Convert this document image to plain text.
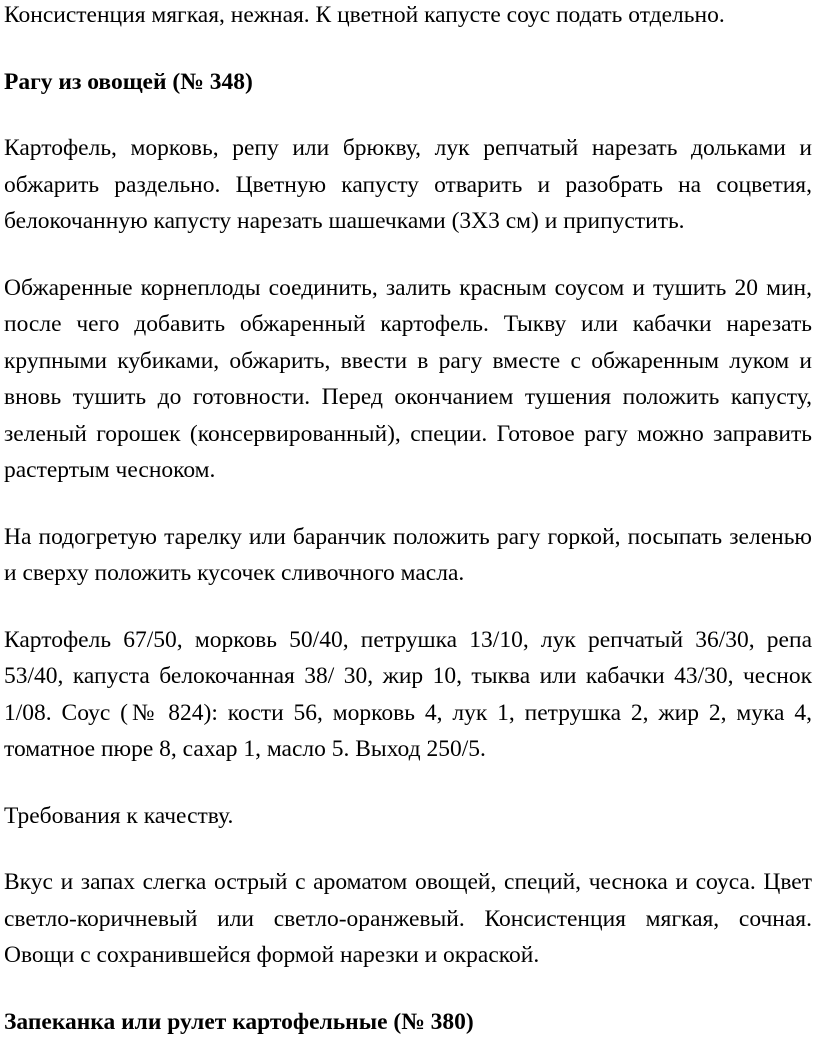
Консистенция мягкая, нежная. К цветной капусте соус подать отдельно.

Рагу из овощей (№ 348)

Картофель, морковь, репу или брюкву, лук репчатый нарезать дольками и обжарить раздельно. Цветную капусту отварить и разобрать на соцветия, белокочанную капусту нарезать шашечками (3Х3 см) и припустить.

Обжаренные корнеплоды соединить, залить красным соусом и тушить 20 мин, после чего добавить обжаренный картофель. Тыкву или кабачки нарезать крупными кубиками, обжарить, ввести в рагу вместе с обжаренным луком и вновь тушить до готовности. Перед окончанием тушения положить капусту, зеленый горошек (консервированный), специи. Готовое рагу можно заправить растертым чесноком.

На подогретую тарелку или баранчик положить рагу горкой, посыпать зеленью и сверху положить кусочек сливочного масла.

Картофель 67/50, морковь 50/40, петрушка 13/10, лук репчатый 36/30, репа 53/40, капуста белокочанная 38/ 30, жир 10, тыква или кабачки 43/30, чеснок 1/08. Соус (№ 824): кости 56, морковь 4, лук 1, петрушка 2, жир 2, мука 4, томатное пюре 8, сахар 1, масло 5. Выход 250/5.

Требования к качеству.

Вкус и запах слегка острый с ароматом овощей, специй, чеснока и соуса. Цвет светло-коричневый или светло-оранжевый. Консистенция мягкая, сочная. Овощи с сохранившейся формой нарезки и окраской.

Запеканка или рулет картофельные (№ 380)
